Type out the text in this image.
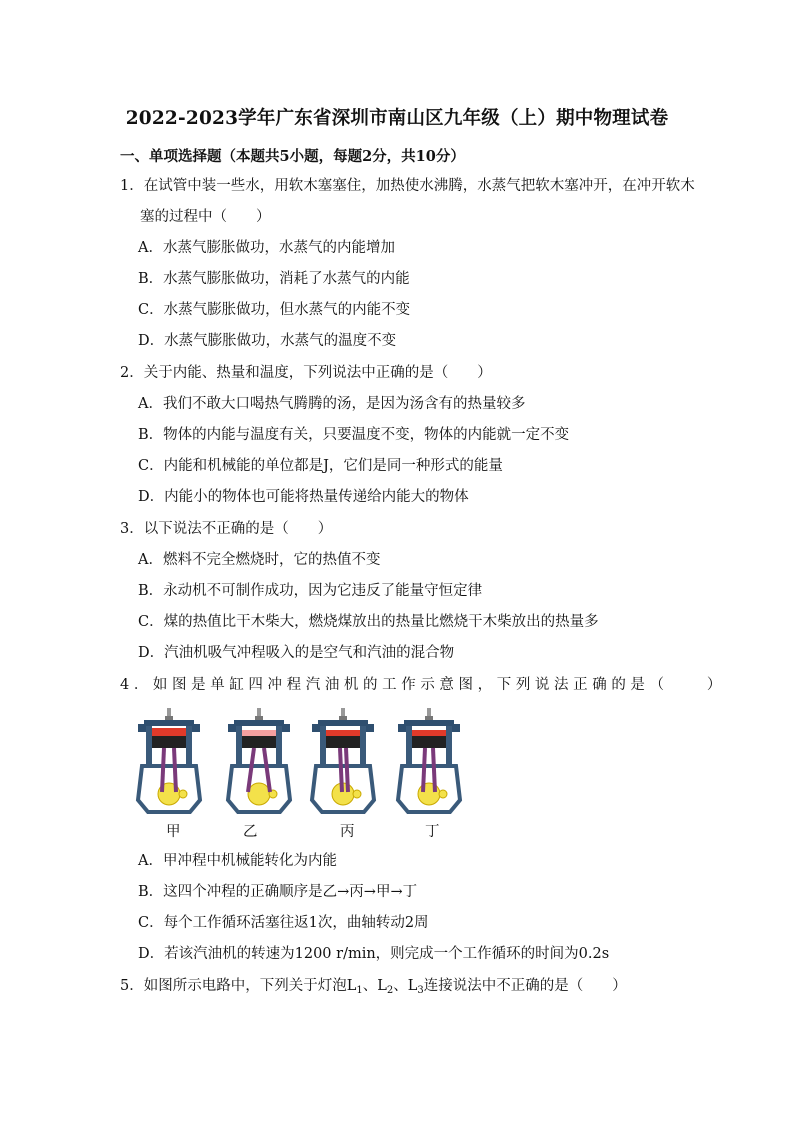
2022-2023学年广东省深圳市南山区九年级（上）期中物理试卷
一、单项选择题（本题共5小题，每题2分，共10分）
1．在试管中装一些水，用软木塞塞住，加热使水沸腾，水蒸气把软木塞冲开，在冲开软木
塞的过程中（　　）
A．水蒸气膨胀做功，水蒸气的内能增加
B．水蒸气膨胀做功，消耗了水蒸气的内能
C．水蒸气膨胀做功，但水蒸气的内能不变
D．水蒸气膨胀做功，水蒸气的温度不变
2．关于内能、热量和温度，下列说法中正确的是（　　）
A．我们不敢大口喝热气腾腾的汤，是因为汤含有的热量较多
B．物体的内能与温度有关，只要温度不变，物体的内能就一定不变
C．内能和机械能的单位都是J，它们是同一种形式的能量
D．内能小的物体也可能将热量传递给内能大的物体
3．以下说法不正确的是（　　）
A．燃料不完全燃烧时，它的热值不变
B．永动机不可制作成功，因为它违反了能量守恒定律
C．煤的热值比干木柴大，燃烧煤放出的热量比燃烧干木柴放出的热量多
D．汽油机吸气冲程吸入的是空气和汽油的混合物
4．如图是单缸四冲程汽油机的工作示意图，下列说法正确的是（　　）
甲	乙	丙	丁
A．甲冲程中机械能转化为内能
B．这四个冲程的正确顺序是乙→丙→甲→丁
C．每个工作循环活塞往返1次，曲轴转动2周
D．若该汽油机的转速为1200 r/min，则完成一个工作循环的时间为0.2s
5．如图所示电路中，下列关于灯泡$L_1$、$L_2$、$L_3$连接说法中不正确的是（　　）
